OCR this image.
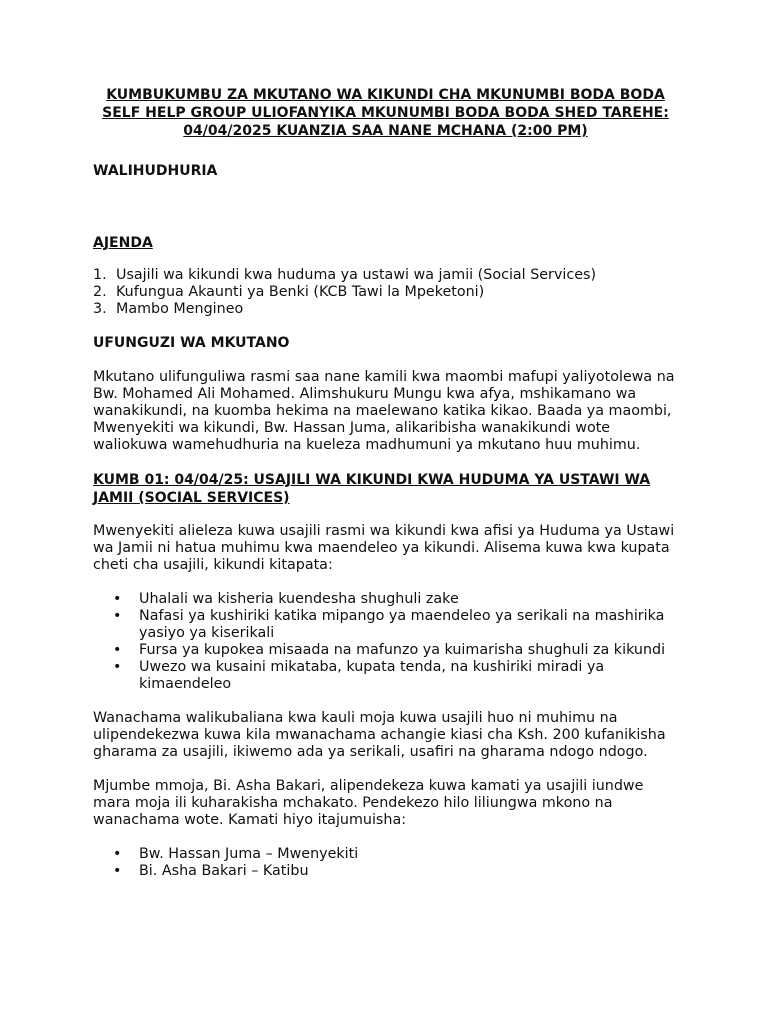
KUMBUKUMBU ZA MKUTANO WA KIKUNDI CHA MKUNUMBI BODA BODA SELF HELP GROUP ULIOFANYIKA MKUNUMBI BODA BODA SHED TAREHE: 04/04/2025 KUANZIA SAA NANE MCHANA (2:00 PM)
WALIHUDHURIA
AJENDA
1. Usajili wa kikundi kwa huduma ya ustawi wa jamii (Social Services)
2. Kufungua Akaunti ya Benki (KCB Tawi la Mpeketoni)
3. Mambo Mengineo
UFUNGUZI WA MKUTANO

Mkutano ulifunguliwa rasmi saa nane kamili kwa maombi mafupi yaliyotolewa na Bw. Mohamed Ali Mohamed. Alimshukuru Mungu kwa afya, mshikamano wa wanakikundi, na kuomba hekima na maelewano katika kikao. Baada ya maombi, Mwenyekiti wa kikundi, Bw. Hassan Juma, alikaribisha wanakikundi wote waliokuwa wamehudhuria na kueleza madhumuni ya mkutano huu muhimu.

KUMB 01: 04/04/25: USAJILI WA KIKUNDI KWA HUDUMA YA USTAWI WA JAMII (SOCIAL SERVICES)

Mwenyekiti alieleza kuwa usajili rasmi wa kikundi kwa afisi ya Huduma ya Ustawi wa Jamii ni hatua muhimu kwa maendeleo ya kikundi. Alisema kuwa kwa kupata cheti cha usajili, kikundi kitapata:

• Uhalali wa kisheria kuendesha shughuli zake
• Nafasi ya kushiriki katika mipango ya maendeleo ya serikali na mashirika yasiyo ya kiserikali
• Fursa ya kupokea misaada na mafunzo ya kuimarisha shughuli za kikundi
• Uwezo wa kusaini mikataba, kupata tenda, na kushiriki miradi ya kimaendeleo

Wanachama walikubaliana kwa kauli moja kuwa usajili huo ni muhimu na ulipendekezwa kuwa kila mwanachama achangie kiasi cha Ksh. 200 kufanikisha gharama za usajili, ikiwemo ada ya serikali, usafiri na gharama ndogo ndogo.

Mjumbe mmoja, Bi. Asha Bakari, alipendekeza kuwa kamati ya usajili iundwe mara moja ili kuharakisha mchakato. Pendekezo hilo liliungwa mkono na wanachama wote. Kamati hiyo itajumuisha:

• Bw. Hassan Juma – Mwenyekiti
• Bi. Asha Bakari – Katibu
